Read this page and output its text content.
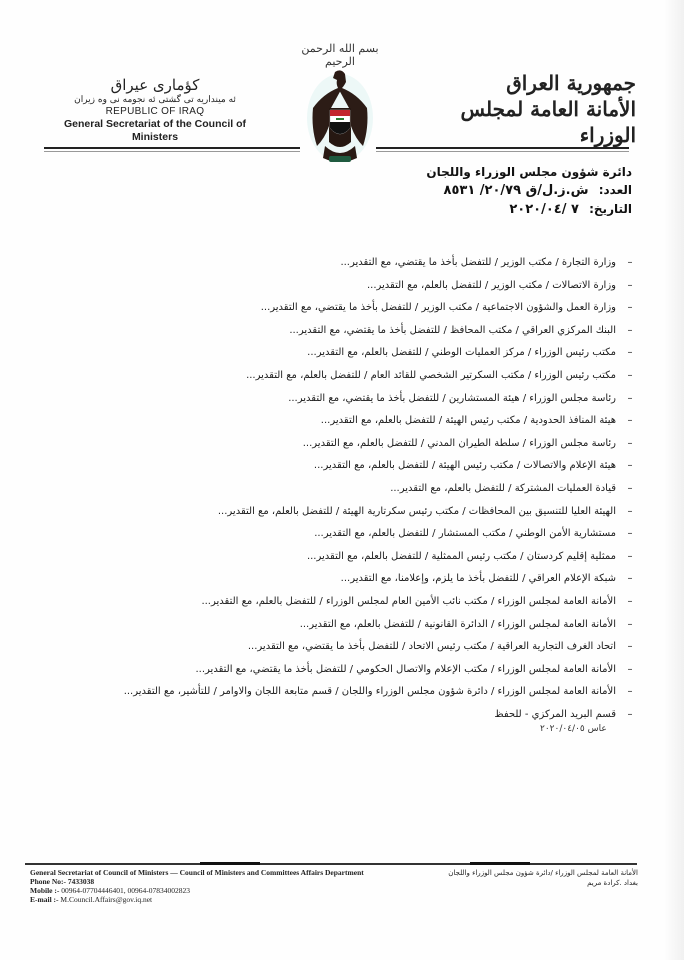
بسم الله الرحمن الرحيم
جمهورية العراق
الأمانة العامة لمجلس الوزراء
كؤمارى عيراق
ئه مينداريه تى گشتى ئه نجومه نى وه زيران
REPUBLIC OF IRAQ
General Secretariat of the Council of Ministers
دائرة شؤون مجلس الوزراء واللجان
العدد: ش.ز.ل/ق ٢٠/٧٩/ ٨٥٣١
التاريخ: ٧ /٢٠٢٠/٠٤
–
وزارة التجارة / مكتب الوزير / للتفضل بأخذ ما يقتضي، مع التقدير...
–
وزارة الاتصالات / مكتب الوزير / للتفضل بالعلم، مع التقدير...
–
وزارة العمل والشؤون الاجتماعية / مكتب الوزير / للتفضل بأخذ ما يقتضي، مع التقدير...
–
البنك المركزي العراقي / مكتب المحافظ / للتفضل بأخذ ما يقتضي، مع التقدير...
–
مكتب رئيس الوزراء / مركز العمليات الوطني / للتفضل بالعلم، مع التقدير...
–
مكتب رئيس الوزراء / مكتب السكرتير الشخصي للقائد العام / للتفضل بالعلم، مع التقدير...
–
رئاسة مجلس الوزراء / هيئة المستشارين / للتفضل بأخذ ما يقتضي، مع التقدير...
–
هيئة المنافذ الحدودية / مكتب رئيس الهيئة / للتفضل بالعلم، مع التقدير...
–
رئاسة مجلس الوزراء / سلطة الطيران المدني / للتفضل بالعلم، مع التقدير...
–
هيئة الإعلام والاتصالات / مكتب رئيس الهيئة / للتفضل بالعلم، مع التقدير...
–
قيادة العمليات المشتركة / للتفضل بالعلم، مع التقدير...
–
الهيئة العليا للتنسيق بين المحافظات / مكتب رئيس سكرتارية الهيئة / للتفضل بالعلم، مع التقدير...
–
مستشارية الأمن الوطني / مكتب المستشار / للتفضل بالعلم، مع التقدير...
–
ممثلية إقليم كردستان / مكتب رئيس الممثلية / للتفضل بالعلم، مع التقدير...
–
شبكة الإعلام العراقي / للتفضل بأخذ ما يلزم، وإعلامنا، مع التقدير...
–
الأمانة العامة لمجلس الوزراء / مكتب نائب الأمين العام لمجلس الوزراء / للتفضل بالعلم، مع التقدير...
–
الأمانة العامة لمجلس الوزراء / الدائرة القانونية / للتفضل بالعلم، مع التقدير...
–
اتحاد الغرف التجارية العراقية / مكتب رئيس الاتحاد / للتفضل بأخذ ما يقتضي، مع التقدير...
–
الأمانة العامة لمجلس الوزراء / مكتب الإعلام والاتصال الحكومي / للتفضل بأخذ ما يقتضي، مع التقدير...
–
الأمانة العامة لمجلس الوزراء / دائرة شؤون مجلس الوزراء واللجان / قسم متابعة اللجان والاوامر / للتأشير، مع التقدير...
–
قسم البريد المركزي - للحفظ
عاس ٢٠٢٠/٠٤/٠٥
General Secretariat of Council of Ministers — Council of Ministers and Committees Affairs Department
Phone No:- 7433038
Mobile :- 00964-07704446401, 00964-07834002823
E-mail :- M.Council.Affairs@gov.iq.net
الأمانة العامة لمجلس الوزراء /دائرة شؤون مجلس الوزراء واللجان
بغداد .كرادة مريم
